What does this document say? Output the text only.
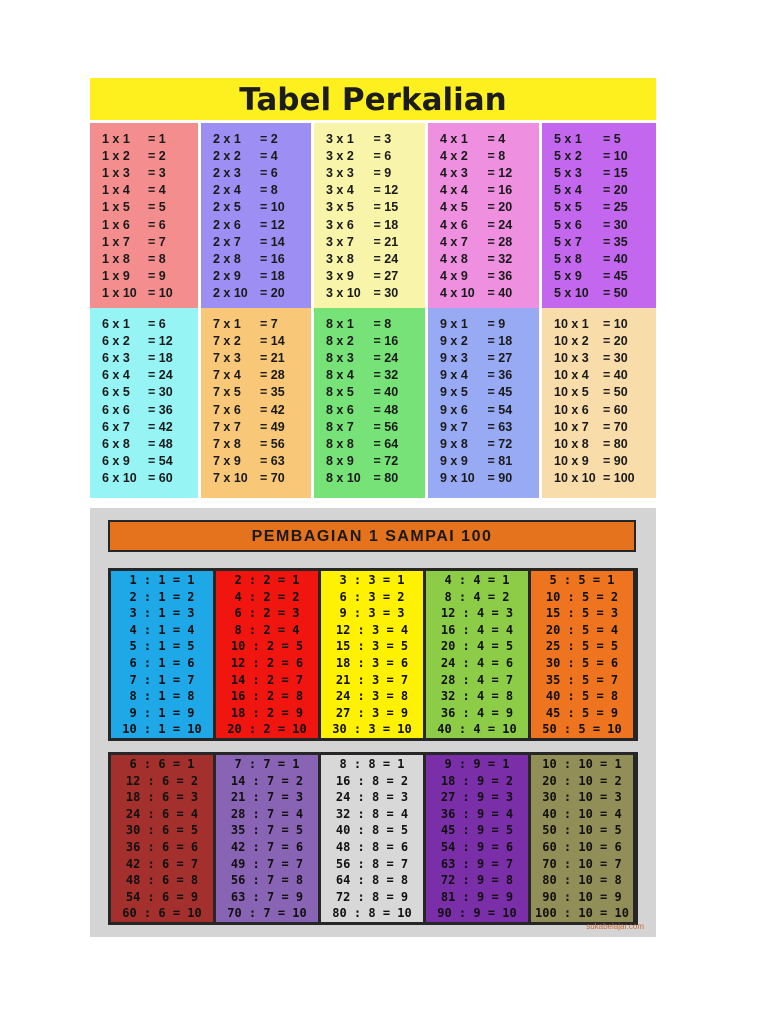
Tabel Perkalian
1 x 1	= 1
1 x 2	= 2
1 x 3	= 3
1 x 4	= 4
1 x 5	= 5
1 x 6	= 6
1 x 7	= 7
1 x 8	= 8
1 x 9	= 9
1 x 10 = 10
2 x 1	= 2
2 x 2	= 4
2 x 3	= 6
2 x 4	= 8
2 x 5	= 10
2 x 6	= 12
2 x 7	= 14
2 x 8	= 16
2 x 9	= 18
2 x 10 = 20
3 x 1	= 3
3 x 2	= 6
3 x 3	= 9
3 x 4	= 12
3 x 5	= 15
3 x 6	= 18
3 x 7	= 21
3 x 8	= 24
3 x 9	= 27
3 x 10	= 30
4 x 1	= 4
4 x 2	= 8
4 x 3	= 12
4 x 4	= 16
4 x 5	= 20
4 x 6	= 24
4 x 7	= 28
4 x 8	= 32
4 x 9	= 36
4 x 10	= 40
5 x 1	= 5
5 x 2	= 10
5 x 3	= 15
5 x 4	= 20
5 x 5	= 25
5 x 6	= 30
5 x 7	= 35
5 x 8	= 40
5 x 9	= 45
5 x 10	= 50
6 x 1	= 6
6 x 2	= 12
6 x 3	= 18
6 x 4	= 24
6 x 5	= 30
6 x 6	= 36
6 x 7	= 42
6 x 8	= 48
6 x 9	= 54
6 x 10 = 60
7 x 1	= 7
7 x 2	= 14
7 x 3	= 21
7 x 4	= 28
7 x 5	= 35
7 x 6	= 42
7 x 7	= 49
7 x 8	= 56
7 x 9	= 63
7 x 10 = 70
8 x 1	= 8
8 x 2	= 16
8 x 3	= 24
8 x 4	= 32
8 x 5	= 40
8 x 6	= 48
8 x 7	= 56
8 x 8	= 64
8 x 9	= 72
8 x 10	= 80
9 x 1	= 9
9 x 2	= 18
9 x 3	= 27
9 x 4	= 36
9 x 5	= 45
9 x 6	= 54
9 x 7	= 63
9 x 8	= 72
9 x 9	= 81
9 x 10	= 90
10 x 1	= 10
10 x 2	= 20
10 x 3	= 30
10 x 4	= 40
10 x 5	= 50
10 x 6	= 60
10 x 7	= 70
10 x 8	= 80
10 x 9	= 90
10 x 10 = 100
PEMBAGIAN 1 SAMPAI 100
1 : 1 = 1
2 : 1 = 2
3 : 1 = 3
4 : 1 = 4
5 : 1 = 5
6 : 1 = 6
7 : 1 = 7
8 : 1 = 8
9 : 1 = 9
10 : 1 = 10
2 : 2 = 1
4 : 2 = 2
6 : 2 = 3
8 : 2 = 4
10 : 2 = 5
12 : 2 = 6
14 : 2 = 7
16 : 2 = 8
18 : 2 = 9
20 : 2 = 10
3 : 3 = 1
6 : 3 = 2
9 : 3 = 3
12 : 3 = 4
15 : 3 = 5
18 : 3 = 6
21 : 3 = 7
24 : 3 = 8
27 : 3 = 9
30 : 3 = 10
4 : 4 = 1
8 : 4 = 2
12 : 4 = 3
16 : 4 = 4
20 : 4 = 5
24 : 4 = 6
28 : 4 = 7
32 : 4 = 8
36 : 4 = 9
40 : 4 = 10
5 : 5 = 1
10 : 5 = 2
15 : 5 = 3
20 : 5 = 4
25 : 5 = 5
30 : 5 = 6
35 : 5 = 7
40 : 5 = 8
45 : 5 = 9
50 : 5 = 10
6 : 6 = 1
12 : 6 = 2
18 : 6 = 3
24 : 6 = 4
30 : 6 = 5
36 : 6 = 6
42 : 6 = 7
48 : 6 = 8
54 : 6 = 9
60 : 6 = 10
7 : 7 = 1
14 : 7 = 2
21 : 7 = 3
28 : 7 = 4
35 : 7 = 5
42 : 7 = 6
49 : 7 = 7
56 : 7 = 8
63 : 7 = 9
70 : 7 = 10
8 : 8 = 1
16 : 8 = 2
24 : 8 = 3
32 : 8 = 4
40 : 8 = 5
48 : 8 = 6
56 : 8 = 7
64 : 8 = 8
72 : 8 = 9
80 : 8 = 10
9 : 9 = 1
18 : 9 = 2
27 : 9 = 3
36 : 9 = 4
45 : 9 = 5
54 : 9 = 6
63 : 9 = 7
72 : 9 = 8
81 : 9 = 9
90 : 9 = 10
10 : 10 = 1
20 : 10 = 2
30 : 10 = 3
40 : 10 = 4
50 : 10 = 5
60 : 10 = 6
70 : 10 = 7
80 : 10 = 8
90 : 10 = 9
100 : 10 = 10
sukabelajar.com
